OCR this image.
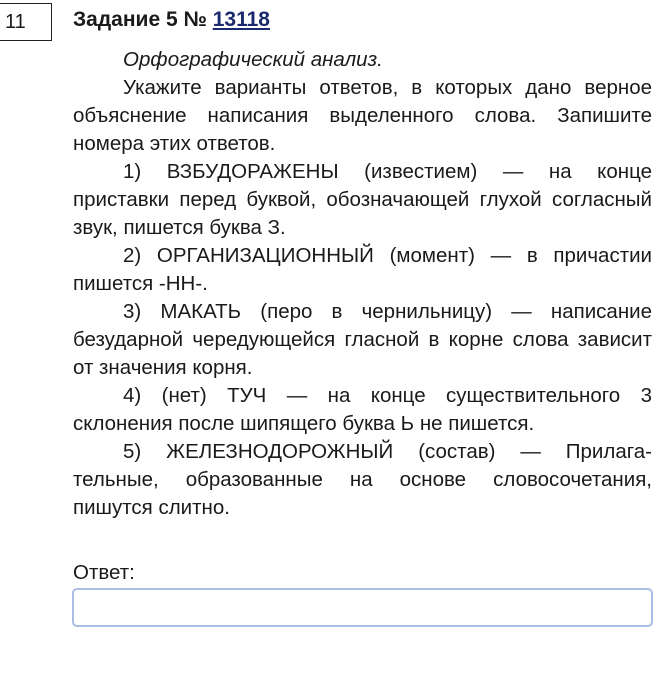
11	Задание 5 № 13118

Орфографический анализ.

Укажите варианты ответов, в которых дано верное объяснение написания выделенного слова. Запишите номера этих ответов.

1) ВЗБУДОРАЖЕНЫ (известием) — на конце приставки перед буквой, обозначающей глухой согласный звук, пишется буква З.

2) ОРГАНИЗАЦИОННЫЙ (момент) — в причастии пишется -НН-.

3) МАКАТЬ (перо в чернильницу) — написание безударной чередующейся гласной в корне слова зависит от значения корня.

4) (нет) ТУЧ — на конце существительного 3 склонения после шипящего буква Ь не пишется.

5) ЖЕЛЕЗНОДОРОЖНЫЙ (состав) — Прилагательные, образованные на основе словосочетания, пишутся слитно.

Ответ:
